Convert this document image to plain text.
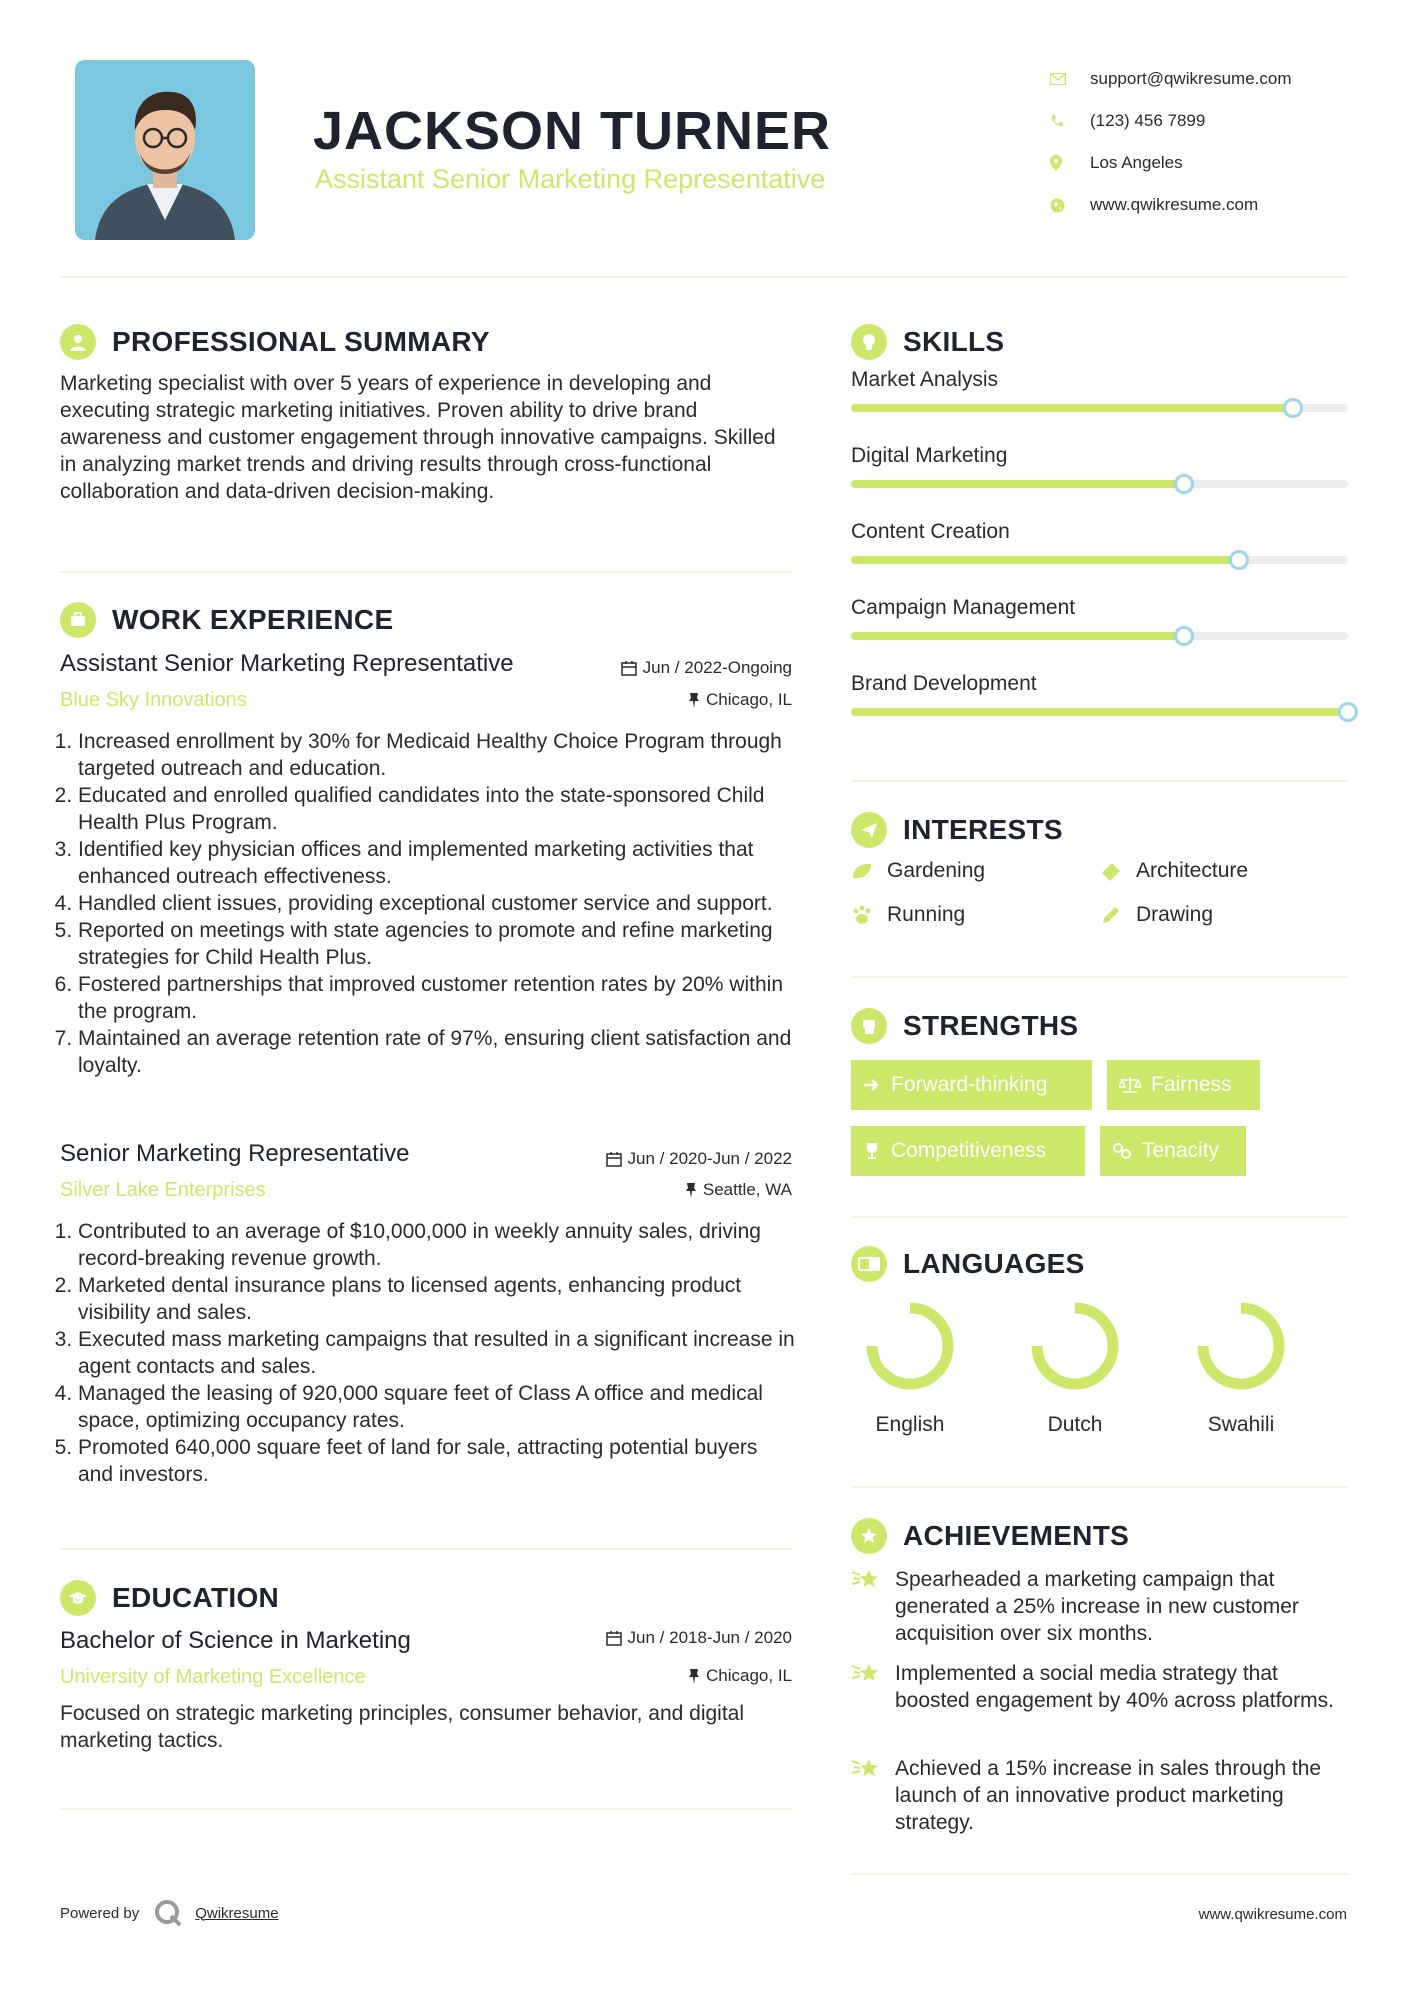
JACKSON TURNER
Assistant Senior Marketing Representative
support@qwikresume.com
(123) 456 7899
Los Angeles
www.qwikresume.com
PROFESSIONAL SUMMARY
Marketing specialist with over 5 years of experience in developing and executing strategic marketing initiatives. Proven ability to drive brand awareness and customer engagement through innovative campaigns. Skilled in analyzing market trends and driving results through cross-functional collaboration and data-driven decision-making.
WORK EXPERIENCE
Assistant Senior Marketing Representative	Jun / 2022-Ongoing
Blue Sky Innovations	Chicago, IL
1. Increased enrollment by 30% for Medicaid Healthy Choice Program through targeted outreach and education.
2. Educated and enrolled qualified candidates into the state-sponsored Child Health Plus Program.
3. Identified key physician offices and implemented marketing activities that enhanced outreach effectiveness.
4. Handled client issues, providing exceptional customer service and support.
5. Reported on meetings with state agencies to promote and refine marketing strategies for Child Health Plus.
6. Fostered partnerships that improved customer retention rates by 20% within the program.
7. Maintained an average retention rate of 97%, ensuring client satisfaction and loyalty.
Senior Marketing Representative	Jun / 2020-Jun / 2022
Silver Lake Enterprises	Seattle, WA
1. Contributed to an average of $10,000,000 in weekly annuity sales, driving record-breaking revenue growth.
2. Marketed dental insurance plans to licensed agents, enhancing product visibility and sales.
3. Executed mass marketing campaigns that resulted in a significant increase in agent contacts and sales.
4. Managed the leasing of 920,000 square feet of Class A office and medical space, optimizing occupancy rates.
5. Promoted 640,000 square feet of land for sale, attracting potential buyers and investors.
EDUCATION
Bachelor of Science in Marketing	Jun / 2018-Jun / 2020
University of Marketing Excellence	Chicago, IL
Focused on strategic marketing principles, consumer behavior, and digital marketing tactics.
SKILLS
Market Analysis
Digital Marketing
Content Creation
Campaign Management
Brand Development
INTERESTS
Gardening	Architecture
Running	Drawing
STRENGTHS
Forward-thinking	Fairness
Competitiveness	Tenacity
LANGUAGES
English	Dutch	Swahili
ACHIEVEMENTS
Spearheaded a marketing campaign that generated a 25% increase in new customer acquisition over six months.
Implemented a social media strategy that boosted engagement by 40% across platforms.
Achieved a 15% increase in sales through the launch of an innovative product marketing strategy.
Powered by	Qwikresume	www.qwikresume.com
